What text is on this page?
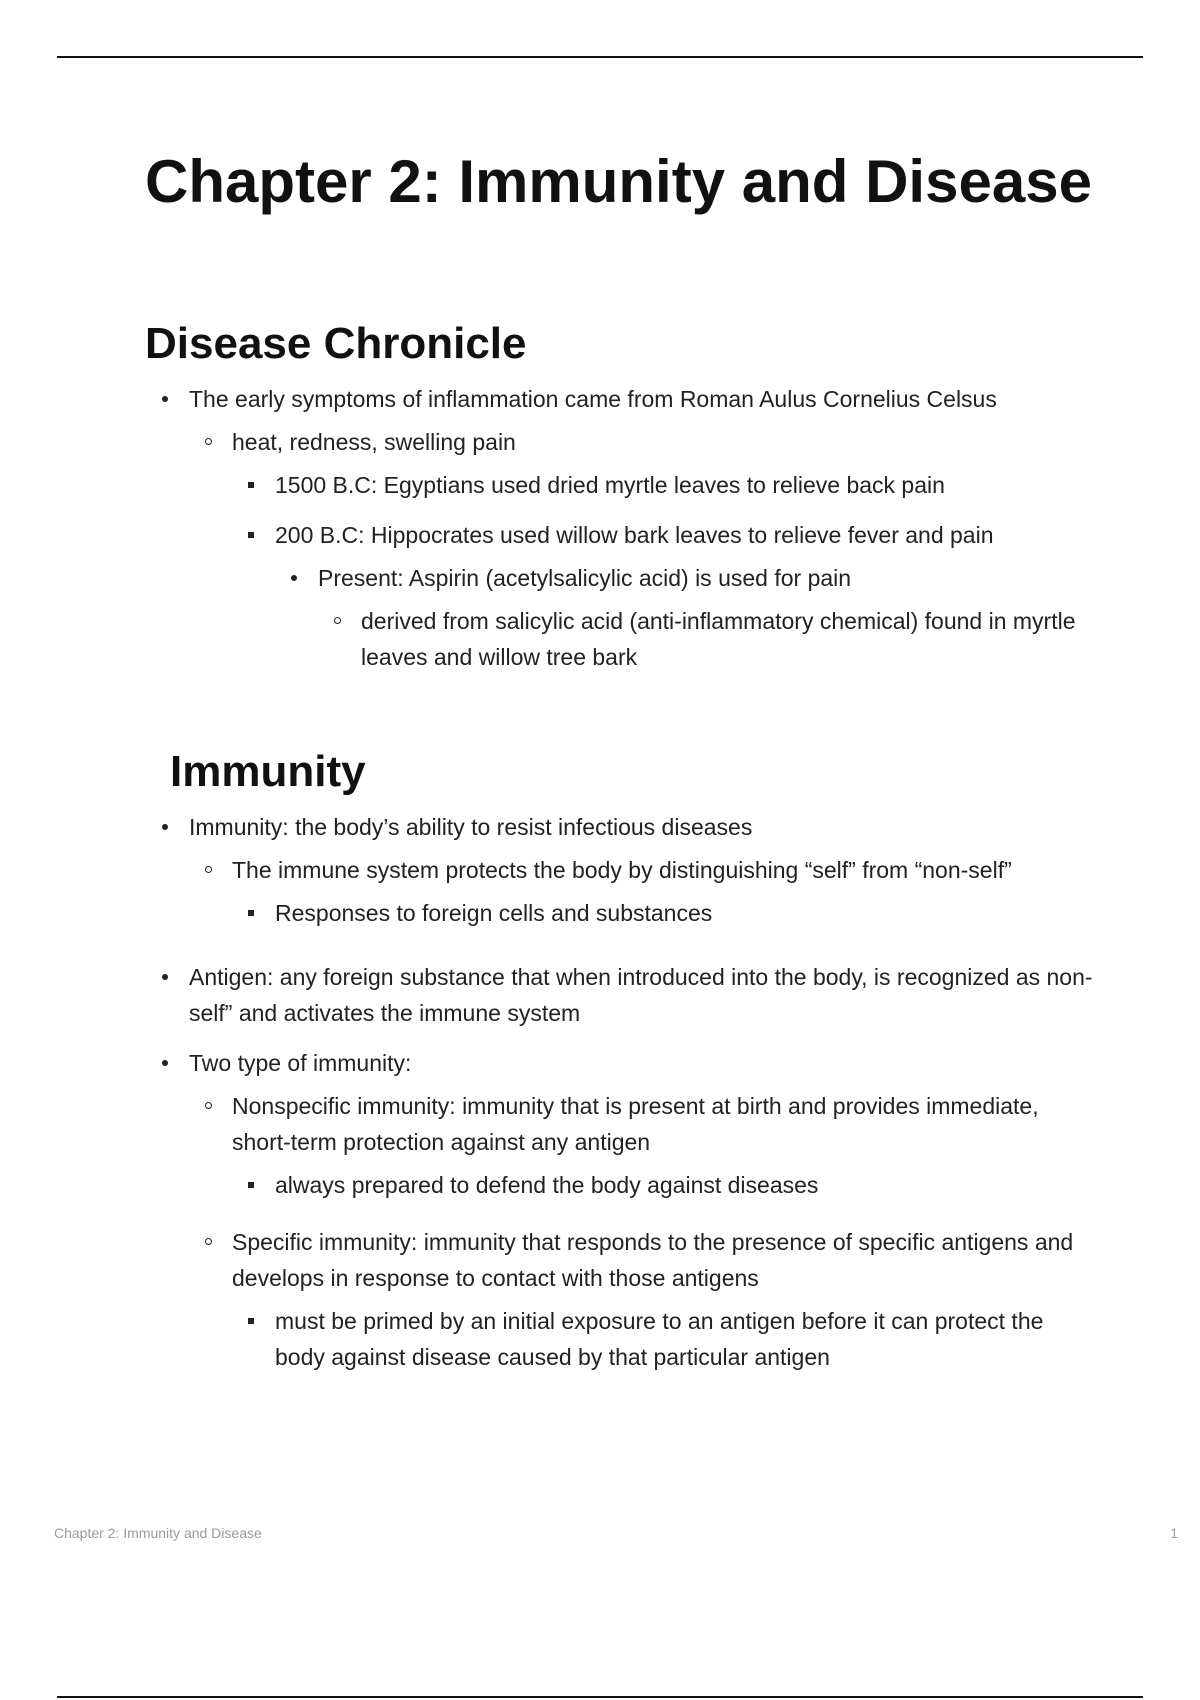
Chapter 2: Immunity and Disease
Disease Chronicle
The early symptoms of inflammation came from Roman Aulus Cornelius Celsus
heat, redness, swelling pain
1500 B.C: Egyptians used dried myrtle leaves to relieve back pain
200 B.C: Hippocrates used willow bark leaves to relieve fever and pain
Present: Aspirin (acetylsalicylic acid) is used for pain
derived from salicylic acid (anti-inflammatory chemical) found in myrtle leaves and willow tree bark
Immunity
Immunity: the body’s ability to resist infectious diseases
The immune system protects the body by distinguishing “self” from “non-self”
Responses to foreign cells and substances
Antigen: any foreign substance that when introduced into the body, is recognized as non-self” and activates the immune system
Two type of immunity:
Nonspecific immunity: immunity that is present at birth and provides immediate, short-term protection against any antigen
always prepared to defend the body against diseases
Specific immunity: immunity that responds to the presence of specific antigens and develops in response to contact with those antigens
must be primed by an initial exposure to an antigen before it can protect the body against disease caused by that particular antigen
Chapter 2: Immunity and Disease	1
